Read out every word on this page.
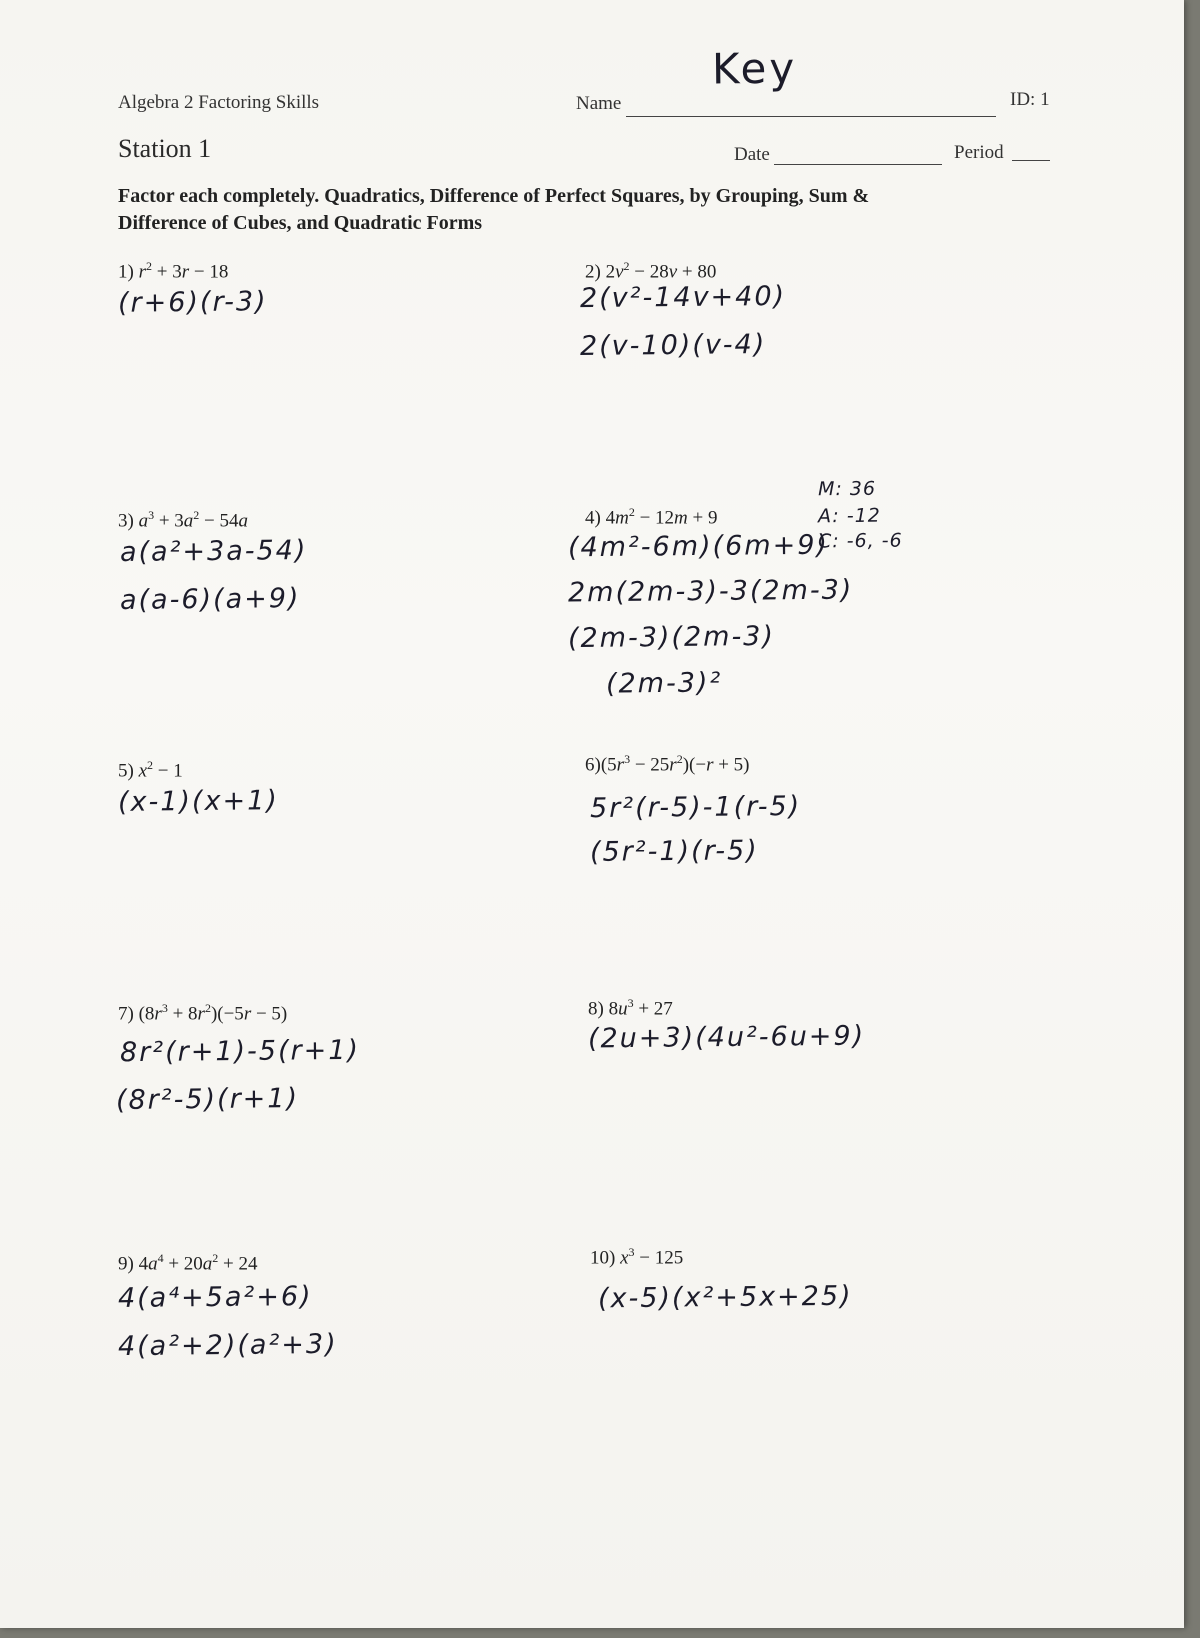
Algebra 2 Factoring Skills	Name
Key
ID: 1
Station 1	Date	Period
Factor each completely. Quadratics, Difference of Perfect Squares, by Grouping, Sum & Difference of Cubes, and Quadratic Forms
1) $r^2 + 3r - 18$
(r+6)(r-3)
2) $2v^2 - 28v + 80$
2(v²-14v+40)
2(v-10)(v-4)
3) $a^3 + 3a^2 - 54a$
a(a²+3a-54)
a(a-6)(a+9)
4) $4m^2 - 12m + 9$
M: 36
A: -12
C: -6, -6
(4m²-6m)(6m+9)
2m(2m-3)-3(2m-3)
(2m-3)(2m-3)
(2m-3)²
5) $x^2 - 1$
(x-1)(x+1)
$6)(5r^3 - 25r^2)(-r + 5)$
5r²(r-5)-1(r-5)
(5r²-1)(r-5)
7) $(8r^3 + 8r^2)(-5r - 5)$
8r²(r+1)-5(r+1)
(8r²-5)(r+1)
8) $8u^3 + 27$
(2u+3)(4u²-6u+9)
9) $4a^4 + 20a^2 + 24$
4(a⁴+5a²+6)
4(a²+2)(a²+3)
10) $x^3 - 125$
(x-5)(x²+5x+25)
